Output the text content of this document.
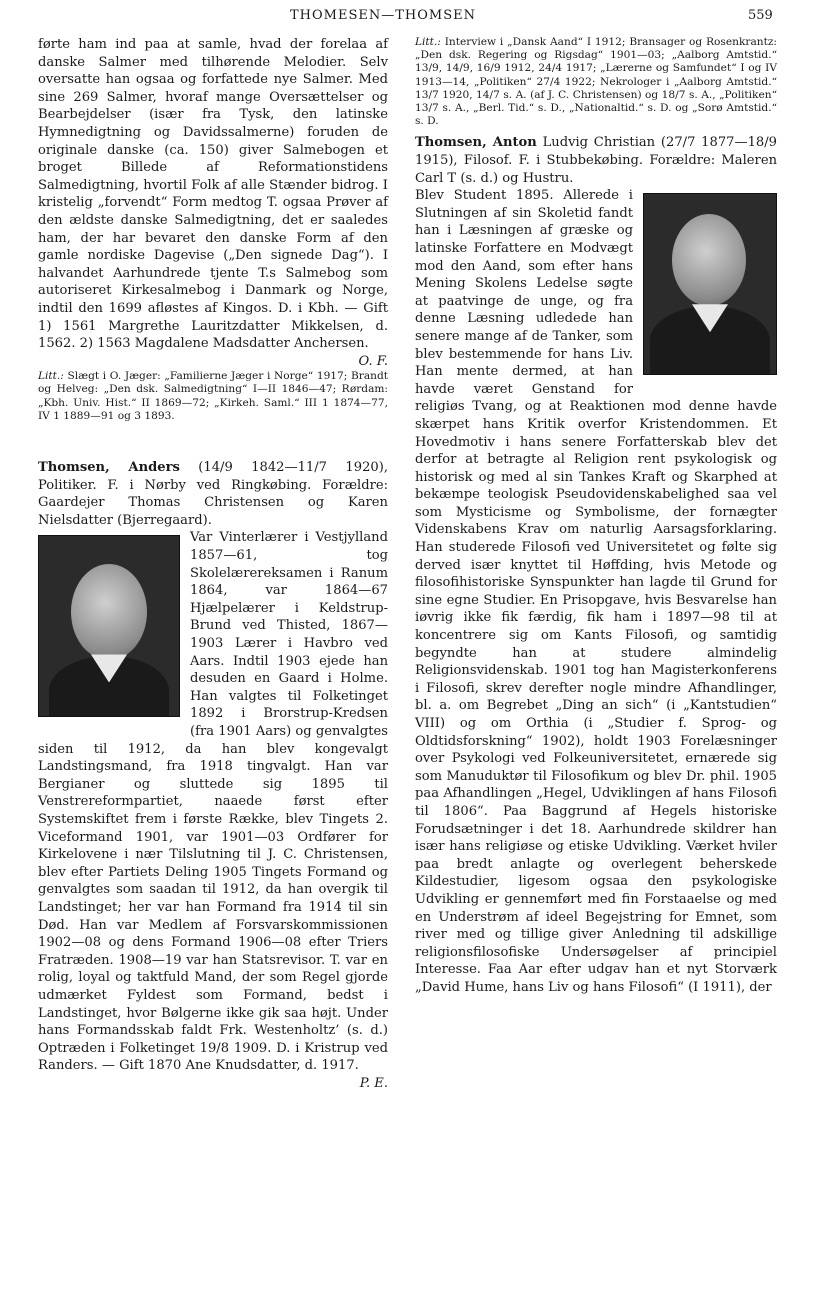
THOMESEN—THOMSEN	559

førte ham ind paa at samle, hvad der forelaa af danske Salmer med tilhørende Melodier. Selv oversatte han ogsaa og forfattede nye Salmer. Med sine 269 Salmer, hvoraf mange Oversættelser og Bearbejdelser (især fra Tysk, den latinske Hymnedigtning og Davidssalmerne) foruden de originale danske (ca. 150) giver Salmebogen et broget Billede af Reformationstidens Salmedigtning, hvortil Folk af alle Stænder bidrog. I kristelig „forvendt“ Form medtog T. ogsaa Prøver af den ældste danske Salmedigtning, det er saaledes ham, der har bevaret den danske Form af den gamle nordiske Dagevise („Den signede Dag“). I halvandet Aarhundrede tjente T.s Salmebog som autoriseret Kirkesalmebog i Danmark og Norge, indtil den 1699 afløstes af Kingos. D. i Kbh. — Gift 1) 1561 Margrethe Lauritzdatter Mikkelsen, d. 1562. 2) 1563 Magdalene Madsdatter Anchersen.

O. F.

Litt.: Slægt i O. Jæger: „Familierne Jæger i Norge“ 1917; Brandt og Helveg: „Den dsk. Salmedigtning“ I—II 1846—47; Rørdam: „Kbh. Univ. Hist.“ II 1869—72; „Kirkeh. Saml.“ III 1 1874—77, IV 1 1889—91 og 3 1893.

Thomsen, Anders (14/9 1842—11/7 1920), Politiker. F. i Nørby ved Ringkøbing. Forældre: Gaardejer Thomas Christensen og Karen Nielsdatter (Bjerregaard).

Var Vinterlærer i Vestjylland 1857—61, tog Skolelærereksamen i Ranum 1864, var 1864—67 Hjælpelærer i Keldstrup-Brund ved Thisted, 1867—1903 Lærer i Havbro ved Aars. Indtil 1903 ejede han desuden en Gaard i Holme. Han valgtes til Folketinget 1892 i Brorstrup-Kredsen (fra 1901 Aars) og genvalgtes siden til 1912, da han blev kongevalgt Landstingsmand, fra 1918 tingvalgt. Han var Bergianer og sluttede sig 1895 til Venstrereformpartiet, naaede først efter Systemskiftet frem i første Række, blev Tingets 2. Viceformand 1901, var 1901—03 Ordfører for Kirkelovene i nær Tilslutning til J. C. Christensen, blev efter Partiets Deling 1905 Tingets Formand og genvalgtes som saadan til 1912, da han overgik til Landstinget; her var han Formand fra 1914 til sin Død. Han var Medlem af Forsvarskommissionen 1902—08 og dens Formand 1906—08 efter Triers Fratræden. 1908—19 var han Statsrevisor. T. var en rolig, loyal og taktfuld Mand, der som Regel gjorde udmærket Fyldest som Formand, bedst i Landstinget, hvor Bølgerne ikke gik saa højt. Under hans Formandsskab faldt Frk. Westenholtz’ (s. d.) Optræden i Folketinget 19/8 1909. D. i Kristrup ved Randers. — Gift 1870 Ane Knudsdatter, d. 1917.

P. E.

Litt.: Interview i „Dansk Aand“ I 1912; Bransager og Rosenkrantz: „Den dsk. Regering og Rigsdag“ 1901—03; „Aalborg Amtstid.“ 13/9, 14/9, 16/9 1912, 24/4 1917; „Lærerne og Samfundet“ I og IV 1913—14, „Politiken“ 27/4 1922; Nekrologer i „Aalborg Amtstid.“ 13/7 1920, 14/7 s. A. (af J. C. Christensen) og 18/7 s. A., „Politiken“ 13/7 s. A., „Berl. Tid.“ s. D., „Nationaltid.“ s. D. og „Sorø Amtstid.“ s. D.

Thomsen, Anton Ludvig Christian (27/7 1877—18/9 1915), Filosof. F. i Stubbekøbing. Forældre: Maleren Carl T (s. d.) og Hustru.

Blev Student 1895. Allerede i Slutningen af sin Skoletid fandt han i Læsningen af græske og latinske Forfattere en Modvægt mod den Aand, som efter hans Mening Skolens Ledelse søgte at paatvinge de unge, og fra denne Læsning udledede han senere mange af de Tanker, som blev bestemmende for hans Liv. Han mente dermed, at han havde været Genstand for religiøs Tvang, og at Reaktionen mod denne havde skærpet hans Kritik overfor Kristendommen. Et Hovedmotiv i hans senere Forfatterskab blev det derfor at betragte al Religion rent psykologisk og historisk og med al sin Tankes Kraft og Skarphed at bekæmpe teologisk Pseudovidenskabelighed saa vel som Mysticisme og Symbolisme, der fornægter Videnskabens Krav om naturlig Aarsagsforklaring. Han studerede Filosofi ved Universitetet og følte sig derved især knyttet til Høffding, hvis Metode og filosofihistoriske Synspunkter han lagde til Grund for sine egne Studier. En Prisopgave, hvis Besvarelse han iøvrig ikke fik færdig, fik ham i 1897—98 til at koncentrere sig om Kants Filosofi, og samtidig begyndte han at studere almindelig Religionsvidenskab. 1901 tog han Magisterkonferens i Filosofi, skrev derefter nogle mindre Afhandlinger, bl. a. om Begrebet „Ding an sich“ (i „Kantstudien“ VIII) og om Orthia (i „Studier f. Sprog- og Oldtidsforskning“ 1902), holdt 1903 Forelæsninger over Psykologi ved Folkeuniversitetet, ernærede sig som Manuduktør til Filosofikum og blev Dr. phil. 1905 paa Afhandlingen „Hegel, Udviklingen af hans Filosofi til 1806“. Paa Baggrund af Hegels historiske Forudsætninger i det 18. Aarhundrede skildrer han især hans religiøse og etiske Udvikling. Værket hviler paa bredt anlagte og overlegent beherskede Kildestudier, ligesom ogsaa den psykologiske Udvikling er gennemført med fin Forstaaelse og med en Understrøm af ideel Begejstring for Emnet, som river med og tillige giver Anledning til adskillige religionsfilosofiske Undersøgelser af principiel Interesse. Faa Aar efter udgav han et nyt Storværk „David Hume, hans Liv og hans Filosofi“ (I 1911), der
